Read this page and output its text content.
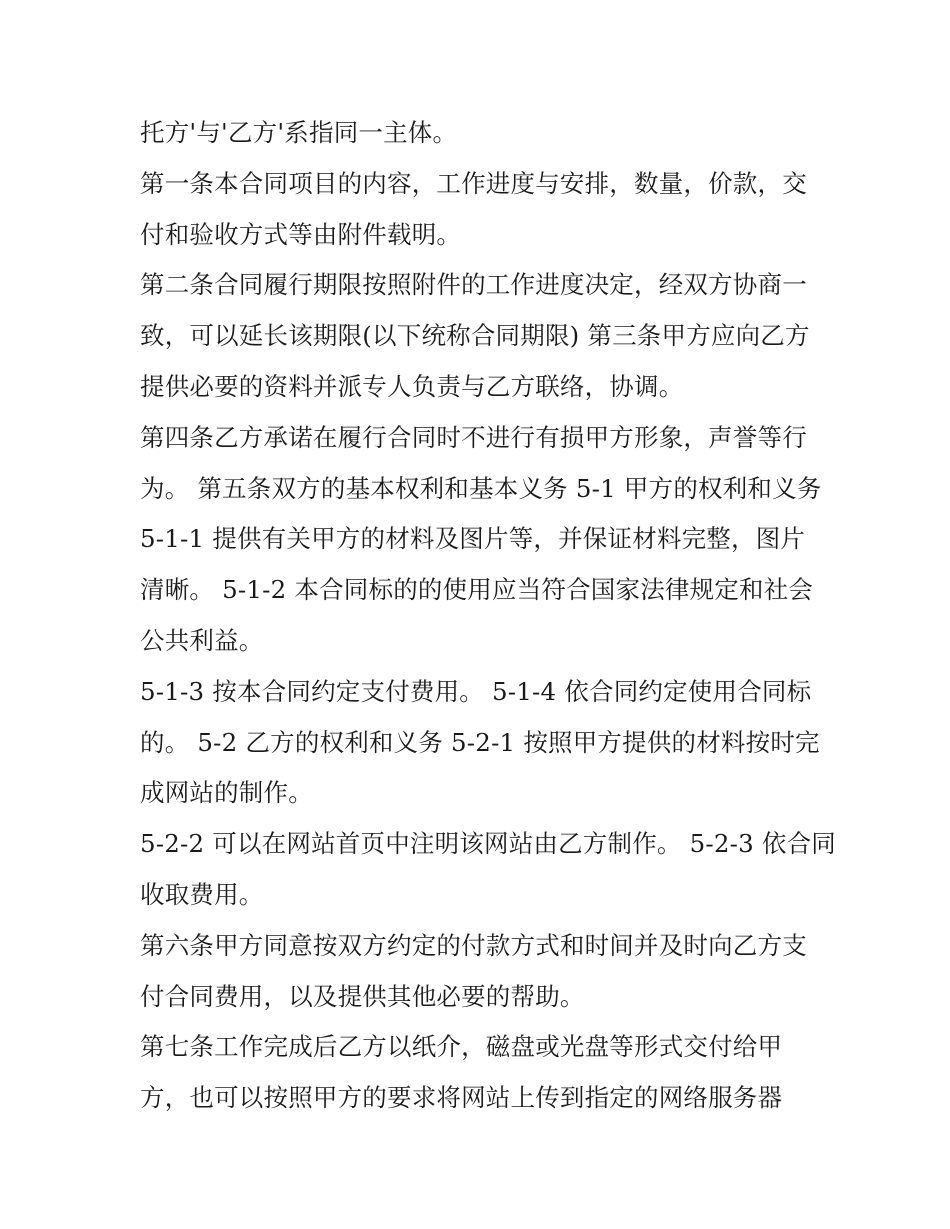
托方'与'乙方'系指同一主体。
第一条本合同项目的内容，工作进度与安排，数量，价款，交
付和验收方式等由附件载明。
第二条合同履行期限按照附件的工作进度决定，经双方协商一
致，可以延长该期限(以下统称合同期限) 第三条甲方应向乙方
提供必要的资料并派专人负责与乙方联络，协调。
第四条乙方承诺在履行合同时不进行有损甲方形象，声誉等行
为。 第五条双方的基本权利和基本义务 5-1 甲方的权利和义务
5-1-1 提供有关甲方的材料及图片等，并保证材料完整，图片
清晰。 5-1-2 本合同标的的使用应当符合国家法律规定和社会
公共利益。
5-1-3 按本合同约定支付费用。 5-1-4 依合同约定使用合同标
的。 5-2 乙方的权利和义务 5-2-1 按照甲方提供的材料按时完
成网站的制作。
5-2-2 可以在网站首页中注明该网站由乙方制作。 5-2-3 依合同
收取费用。
第六条甲方同意按双方约定的付款方式和时间并及时向乙方支
付合同费用，以及提供其他必要的帮助。
第七条工作完成后乙方以纸介，磁盘或光盘等形式交付给甲
方，也可以按照甲方的要求将网站上传到指定的网络服务器
